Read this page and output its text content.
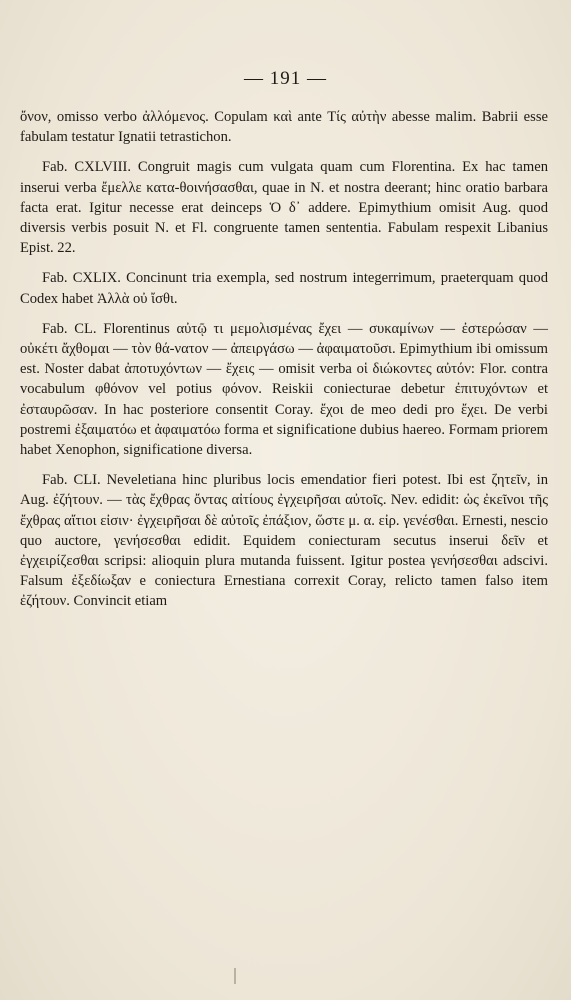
— 191 —

ὄνον, omisso verbo ἀλλόμενος. Copulam καὶ ante Τίς αὐτὴν abesse malim. Babrii esse fabulam testatur Ignatii tetrastichon.

Fab. CXLVIII. Congruit magis cum vulgata quam cum Florentina. Ex hac tamen inserui verba ἔμελλε κατα-θοινήσασθαι, quae in N. et nostra deerant; hinc oratio barbara facta erat. Igitur necesse erat deinceps Ὁ δ᾽ addere. Epimythium omisit Aug. quod diversis verbis posuit N. et Fl. congruente tamen sententia. Fabulam respexit Libanius Epist. 22.

Fab. CXLIX. Concinunt tria exempla, sed nostrum integerrimum, praeterquam quod Codex habet Ἀλλὰ οὐ ἴσθι.

Fab. CL. Florentinus αὐτῷ τι μεμολισμένας ἔχει — συκαμίνων — ἐστερώσαν — οὐκέτι ἄχθομαι — τὸν θά-νατον — ἀπειργάσω — ἀφαιματοῦσι. Epimythium ibi omissum est. Noster dabat ἀποτυχόντων — ἔχεις — omisit verba οἱ διώκοντες αὐτόν: Flor. contra vocabulum φθόνον vel potius φόνον. Reiskii coniecturae debetur ἐπιτυχόντων et ἐσταυρῶσαν. In hac posteriore consentit Coray. ἔχοι de meo dedi pro ἔχει. De verbi postremi ἐξαιματόω et ἀφαιματόω forma et significatione dubius haereo. Formam priorem habet Xenophon, significatione diversa.

Fab. CLI. Neveletiana hinc pluribus locis emendatior fieri potest. Ibi est ζητεῖν, in Aug. ἐζήτουν. — τὰς ἔχθρας ὄντας αἰτίους ἐγχειρῆσαι αὐτοῖς. Nev. edidit: ὡς ἐκεῖνοι τῆς ἔχθρας αἴτιοι εἰσιν· ἐγχειρῆσαι δὲ αὐτοῖς ἐπάξιον, ὥστε μ. α. εἰρ. γενέσθαι. Ernesti, nescio quo auctore, γενήσεσθαι edidit. Equidem coniecturam secutus inserui δεῖν et ἐγχειρίζεσθαι scripsi: alioquin plura mutanda fuissent. Igitur postea γενήσεσθαι adscivi. Falsum ἐξεδίωξαν e coniectura Ernestiana correxit Coray, relicto tamen falso item ἐζήτουν. Convincit etiam
